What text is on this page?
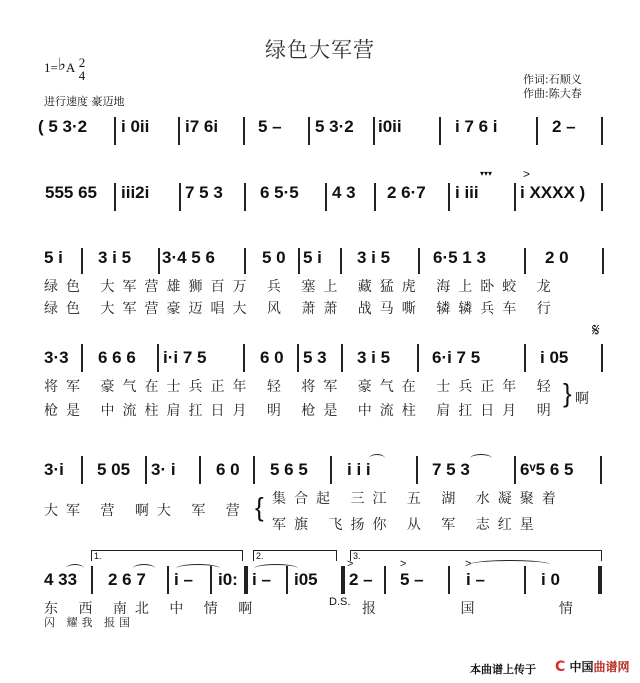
绿色大军营
1=♭A 2
4
进行速度 豪迈地
作词:石顺义
作曲:陈大春
( 5 3·2 i 0ii i7 6i 5 – 5 3·2 i0ii	i 7 6 i	2 –
555 65 iii2i 7 5 3 6 5·5 4 3 2 6·7
▾▾▾
i iii
>
i XXXX )
5 i 3 i 5 3·4 5 6	5 0 5 i 3 i 5	6·5 1 3	2 0
绿色 大军营雄狮百万 兵 塞上 藏猛虎 海上卧蛟 龙
绿色 大军营豪迈唱大 风 萧萧 战马嘶 辚辚兵车 行
𝄋
3·3 6 6 6 i·i 7 5	6 0 5 3 3 i 5 6·i 7 5	i 05
将军 豪气在士兵正年 轻 将军 豪气在 士兵正年 轻
枪是 中流柱肩扛日月 明 枪是 中流柱 肩扛日月 明
} 啊
3·i 5 05 3· i 6 0 5 6 5 i i i	7 5 3	6ᵛ5 6 5
大军 营 啊大 军 营 { 集合起 三江 五 湖 水凝聚着
军旗 飞扬你 从 军 志红星
1.	2.	3.
4 33 2 6 7 i – i0: i – i05
D.S.
>
2 –
>
5 –
>
i –	i 0
东 西 南北 中 情 啊
闪 耀我 报国
报 国 情
本曲谱上传于 C 中国曲谱网
